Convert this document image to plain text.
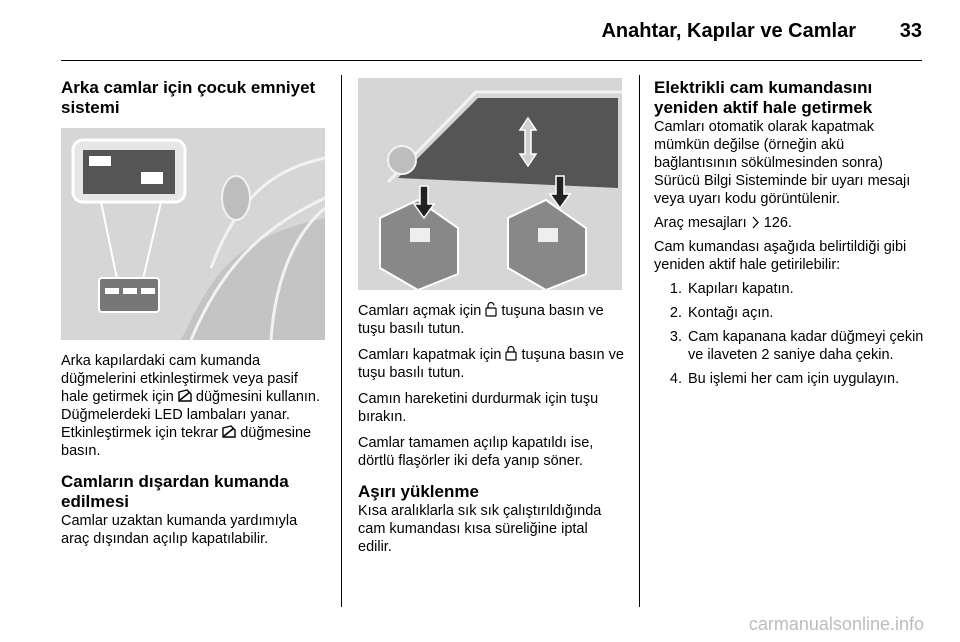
Anahtar, Kapılar ve Camlar 33
Arka camlar için çocuk emniyet sistemi

Arka kapılardaki cam kumanda düğmelerini etkinleştirmek veya pasif hale getirmek için düğmesini kullanın. Düğmelerdeki LED lambaları yanar. Etkinleştirmek için tekrar düğmesine basın.

Camların dışardan kumanda edilmesi

Camlar uzaktan kumanda yardımıyla araç dışından açılıp kapatılabilir.

Camları açmak için tuşuna basın ve tuşu basılı tutun.

Camları kapatmak için tuşuna basın ve tuşu basılı tutun.

Camın hareketini durdurmak için tuşu bırakın.

Camlar tamamen açılıp kapatıldı ise, dörtlü flaşörler iki defa yanıp söner.

Aşırı yüklenme

Kısa aralıklarla sık sık çalıştırıldığında cam kumandası kısa süreliğine iptal edilir.

Elektrikli cam kumandasını yeniden aktif hale getirmek

Camları otomatik olarak kapatmak mümkün değilse (örneğin akü bağlantısının sökülmesinden sonra) Sürücü Bilgi Sisteminde bir uyarı mesajı veya uyarı kodu görüntülenir.

Araç mesajları 126.

Cam kumandası aşağıda belirtildiği gibi yeniden aktif hale getirilebilir:

1. Kapıları kapatın.
2. Kontağı açın.
3. Cam kapanana kadar düğmeyi çekin ve ilaveten 2 saniye daha çekin.
4. Bu işlemi her cam için uygulayın.
carmanualsonline.info
